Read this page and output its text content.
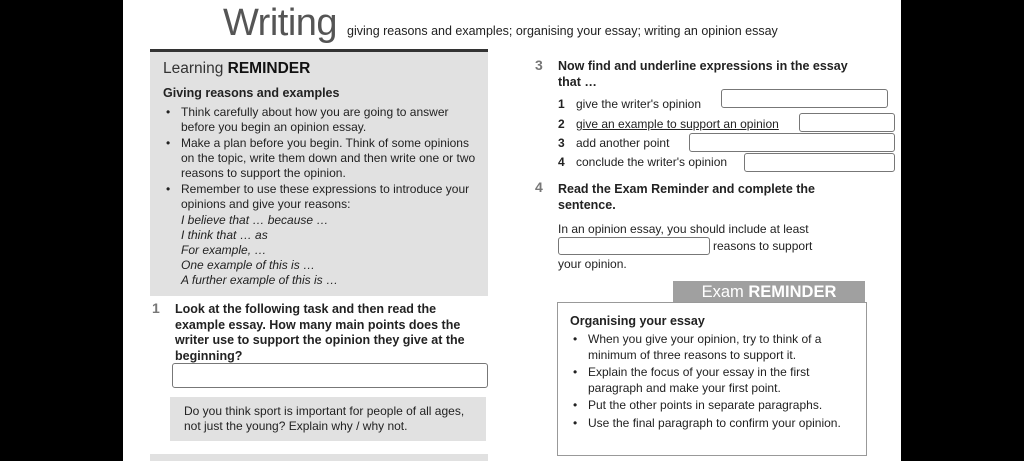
Writing giving reasons and examples; organising your essay; writing an opinion essay
Learning REMINDER
Giving reasons and examples
• Think carefully about how you are going to answer before you begin an opinion essay.
• Make a plan before you begin. Think of some opinions on the topic, write them down and then write one or two reasons to support the opinion.
• Remember to use these expressions to introduce your opinions and give your reasons:
I believe that … because …
I think that … as
For example, …
One example of this is …
A further example of this is …
1 Look at the following task and then read the example essay. How many main points does the writer use to support the opinion they give at the beginning?
Do you think sport is important for people of all ages, not just the young? Explain why / why not.
3 Now find and underline expressions in the essay that …
1 give the writer's opinion
2 give an example to support an opinion
3 add another point
4 conclude the writer's opinion
4 Read the Exam Reminder and complete the sentence.
In an opinion essay, you should include at least
reasons to support
your opinion.
Exam REMINDER
Organising your essay
• When you give your opinion, try to think of a minimum of three reasons to support it.
• Explain the focus of your essay in the first paragraph and make your first point.
• Put the other points in separate paragraphs.
• Use the final paragraph to confirm your opinion.
